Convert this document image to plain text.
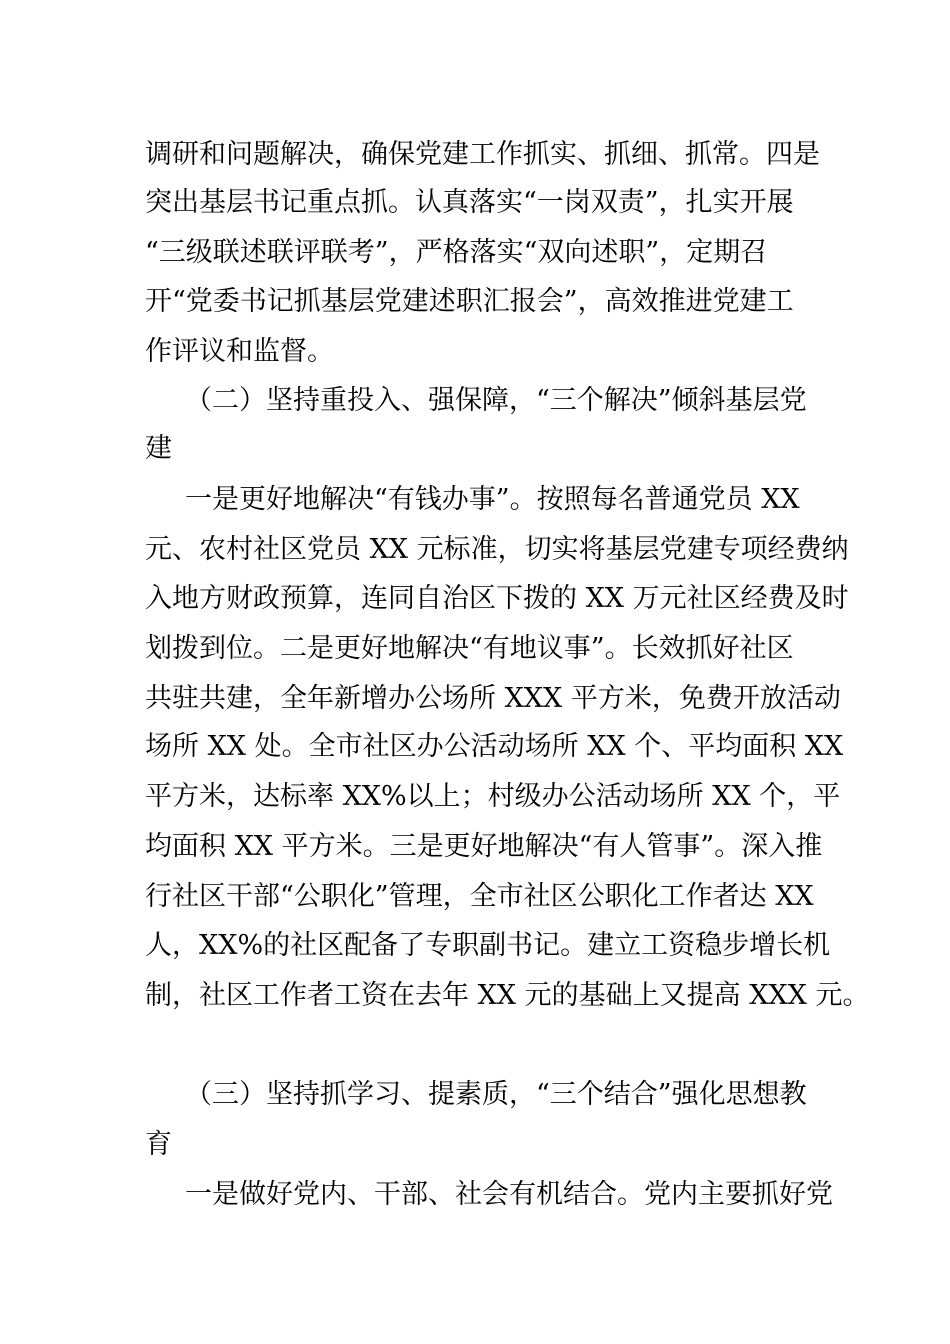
调研和问题解决，确保党建工作抓实、抓细、抓常。四是
突出基层书记重点抓。认真落实“一岗双责”，扎实开展
“三级联述联评联考”，严格落实“双向述职”，定期召
开“党委书记抓基层党建述职汇报会”，高效推进党建工
作评议和监督。
（二）坚持重投入、强保障，“三个解决”倾斜基层党
建
一是更好地解决“有钱办事”。按照每名普通党员 XX
元、农村社区党员 XX 元标准，切实将基层党建专项经费纳
入地方财政预算，连同自治区下拨的 XX 万元社区经费及时
划拨到位。二是更好地解决“有地议事”。长效抓好社区
共驻共建，全年新增办公场所 XXX 平方米，免费开放活动
场所 XX 处。全市社区办公活动场所 XX 个、平均面积 XX
平方米，达标率 XX%以上；村级办公活动场所 XX 个，平
均面积 XX 平方米。三是更好地解决“有人管事”。深入推
行社区干部“公职化”管理，全市社区公职化工作者达 XX
人，XX%的社区配备了专职副书记。建立工资稳步增长机
制，社区工作者工资在去年 XX 元的基础上又提高 XXX 元。
（三）坚持抓学习、提素质，“三个结合”强化思想教
育
一是做好党内、干部、社会有机结合。党内主要抓好党
